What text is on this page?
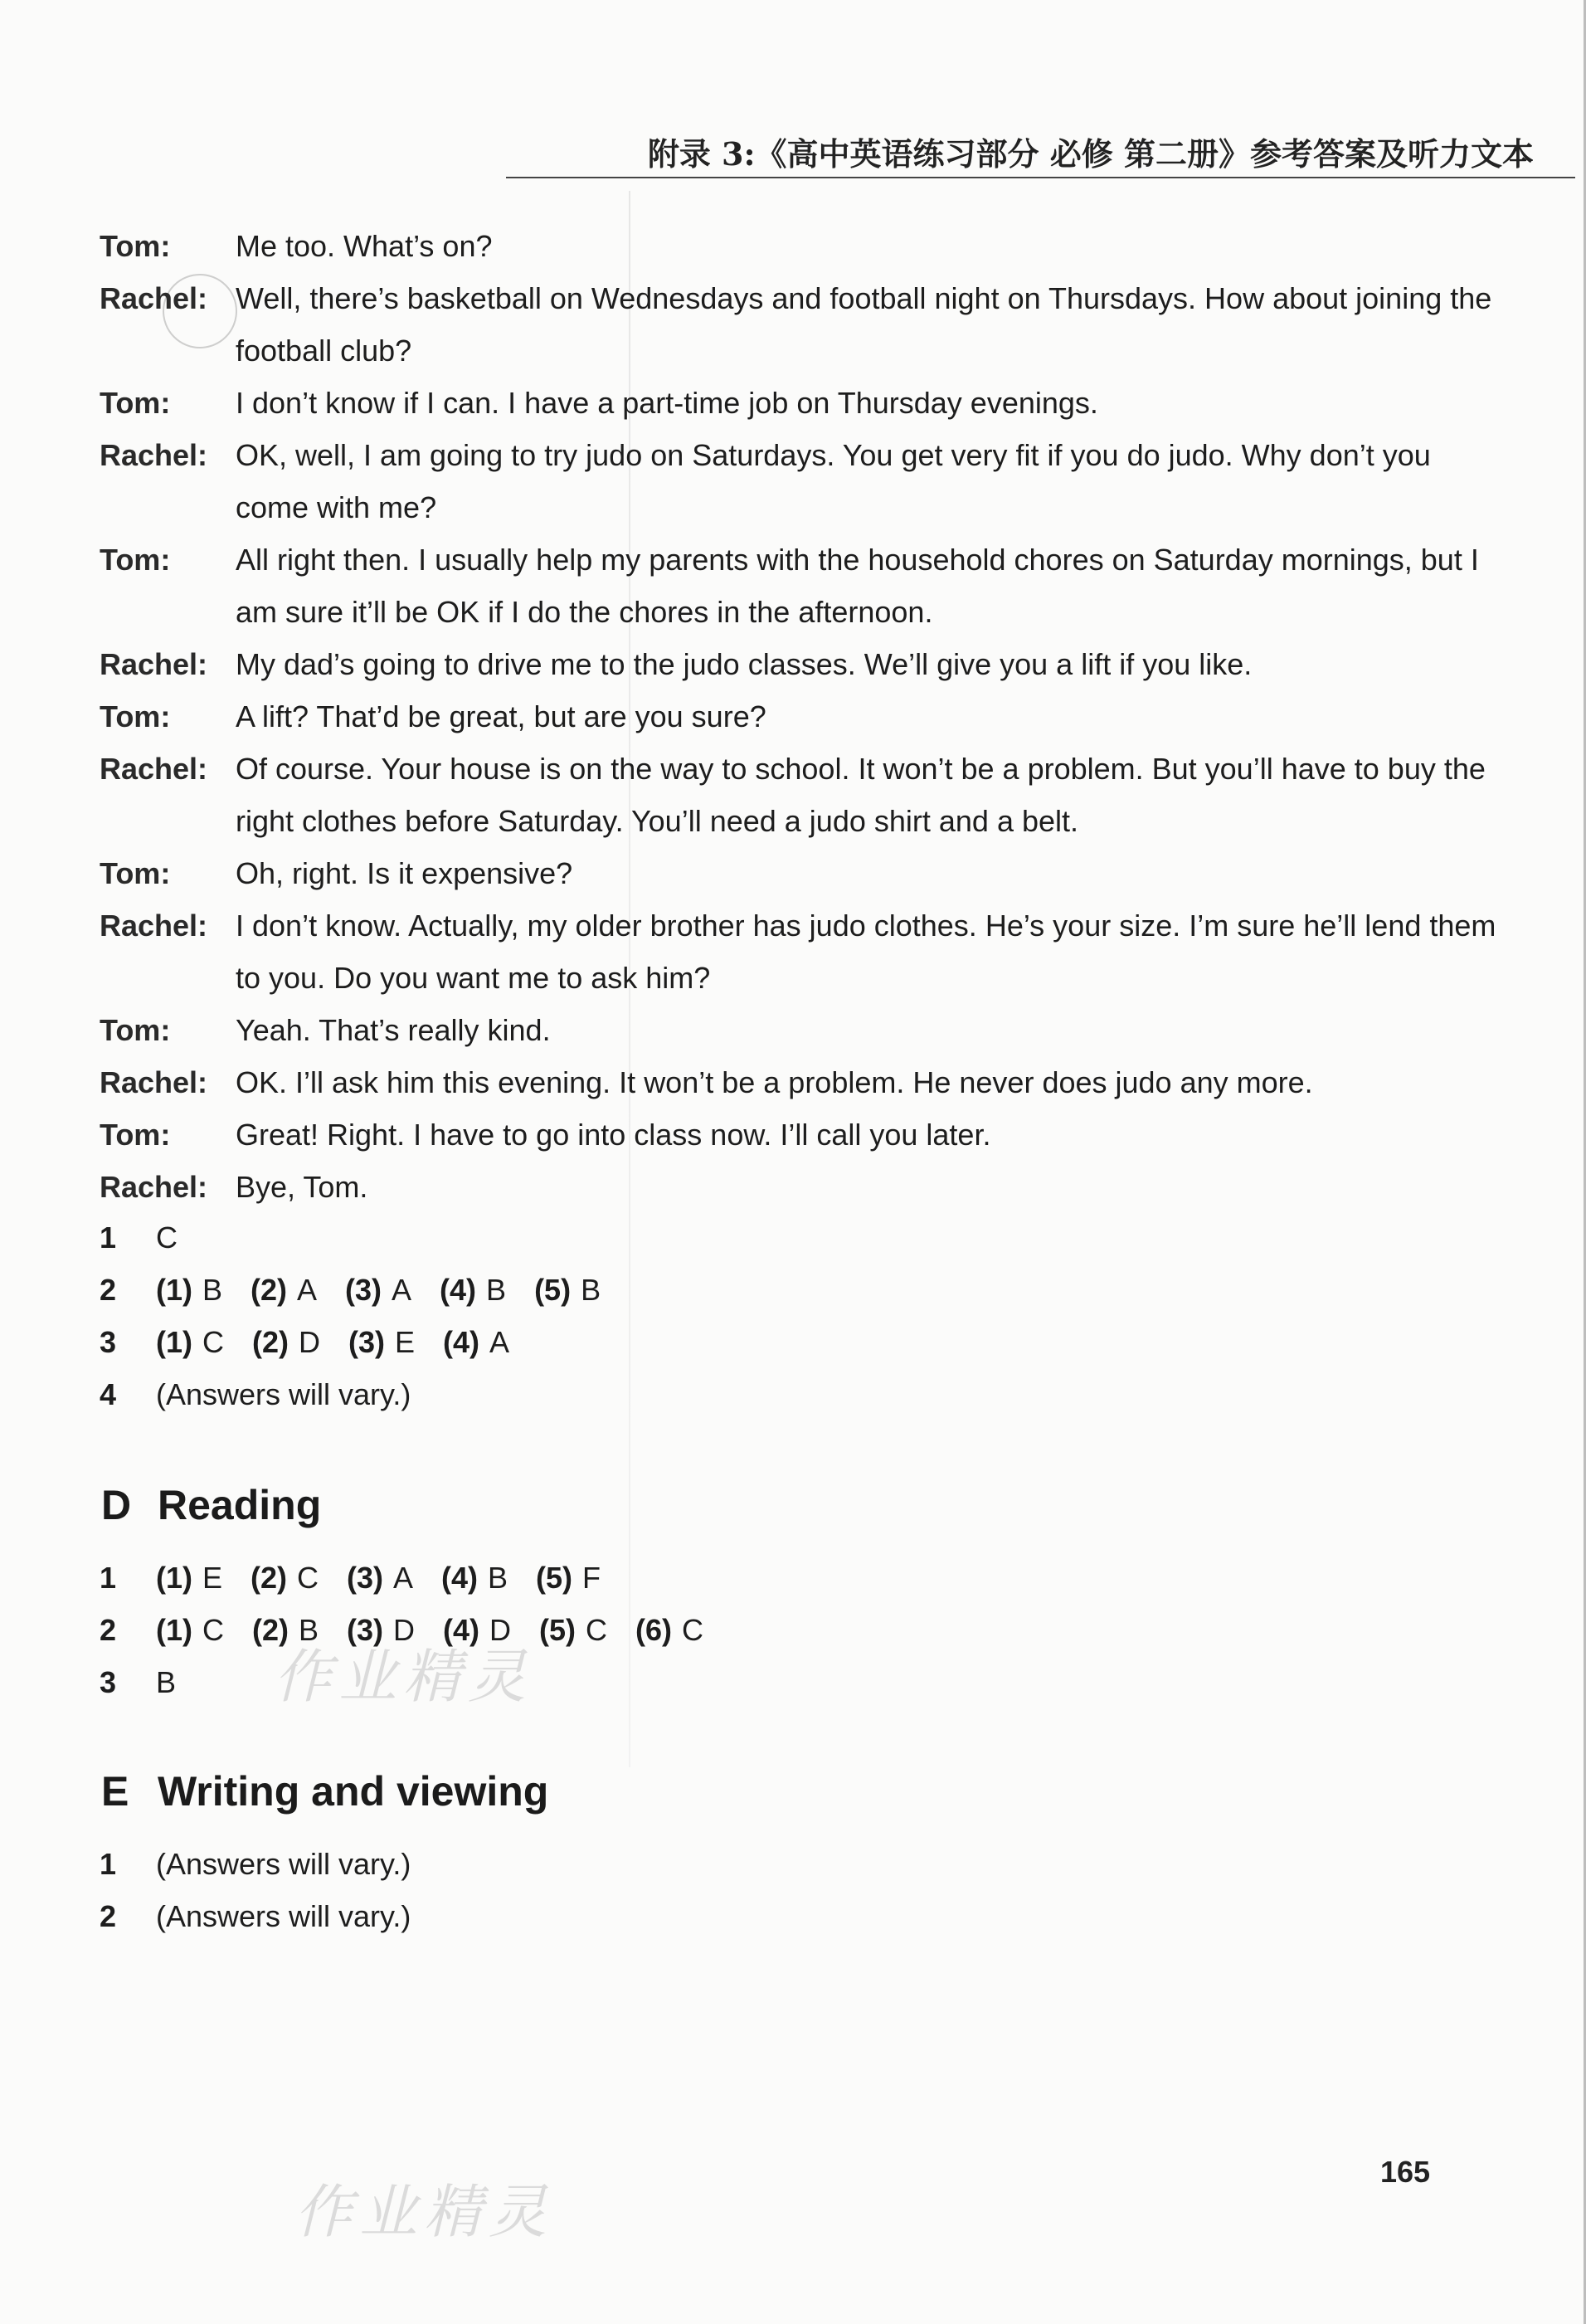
附录 3:《高中英语练习部分 必修 第二册》参考答案及听力文本
Tom:	Me too. What’s on?
Rachel: Well, there’s basketball on Wednesdays and football night on Thursdays. How about joining the football club?
Tom:	I don’t know if I can. I have a part-time job on Thursday evenings.
Rachel: OK, well, I am going to try judo on Saturdays. You get very fit if you do judo. Why don’t you come with me?
Tom:	All right then. I usually help my parents with the household chores on Saturday mornings, but I am sure it’ll be OK if I do the chores in the afternoon.
Rachel: My dad’s going to drive me to the judo classes. We’ll give you a lift if you like.
Tom:	A lift? That’d be great, but are you sure?
Rachel: Of course. Your house is on the way to school. It won’t be a problem. But you’ll have to buy the right clothes before Saturday. You’ll need a judo shirt and a belt.
Tom:	Oh, right. Is it expensive?
Rachel: I don’t know. Actually, my older brother has judo clothes. He’s your size. I’m sure he’ll lend them to you. Do you want me to ask him?
Tom:	Yeah. That’s really kind.
Rachel: OK. I’ll ask him this evening. It won’t be a problem. He never does judo any more.
Tom:	Great! Right. I have to go into class now. I’ll call you later.
Rachel: Bye, Tom.
1	C
2	(1) B (2) A (3) A (4) B (5) B
3	(1) C (2) D (3) E (4) A
4	(Answers will vary.)
D Reading
1	(1) E (2) C (3) A (4) B (5) F
2	(1) C (2) B (3) D (4) D (5) C (6) C
3	B
E Writing and viewing
1	(Answers will vary.)
2	(Answers will vary.)
作业精灵
作业精灵
165
